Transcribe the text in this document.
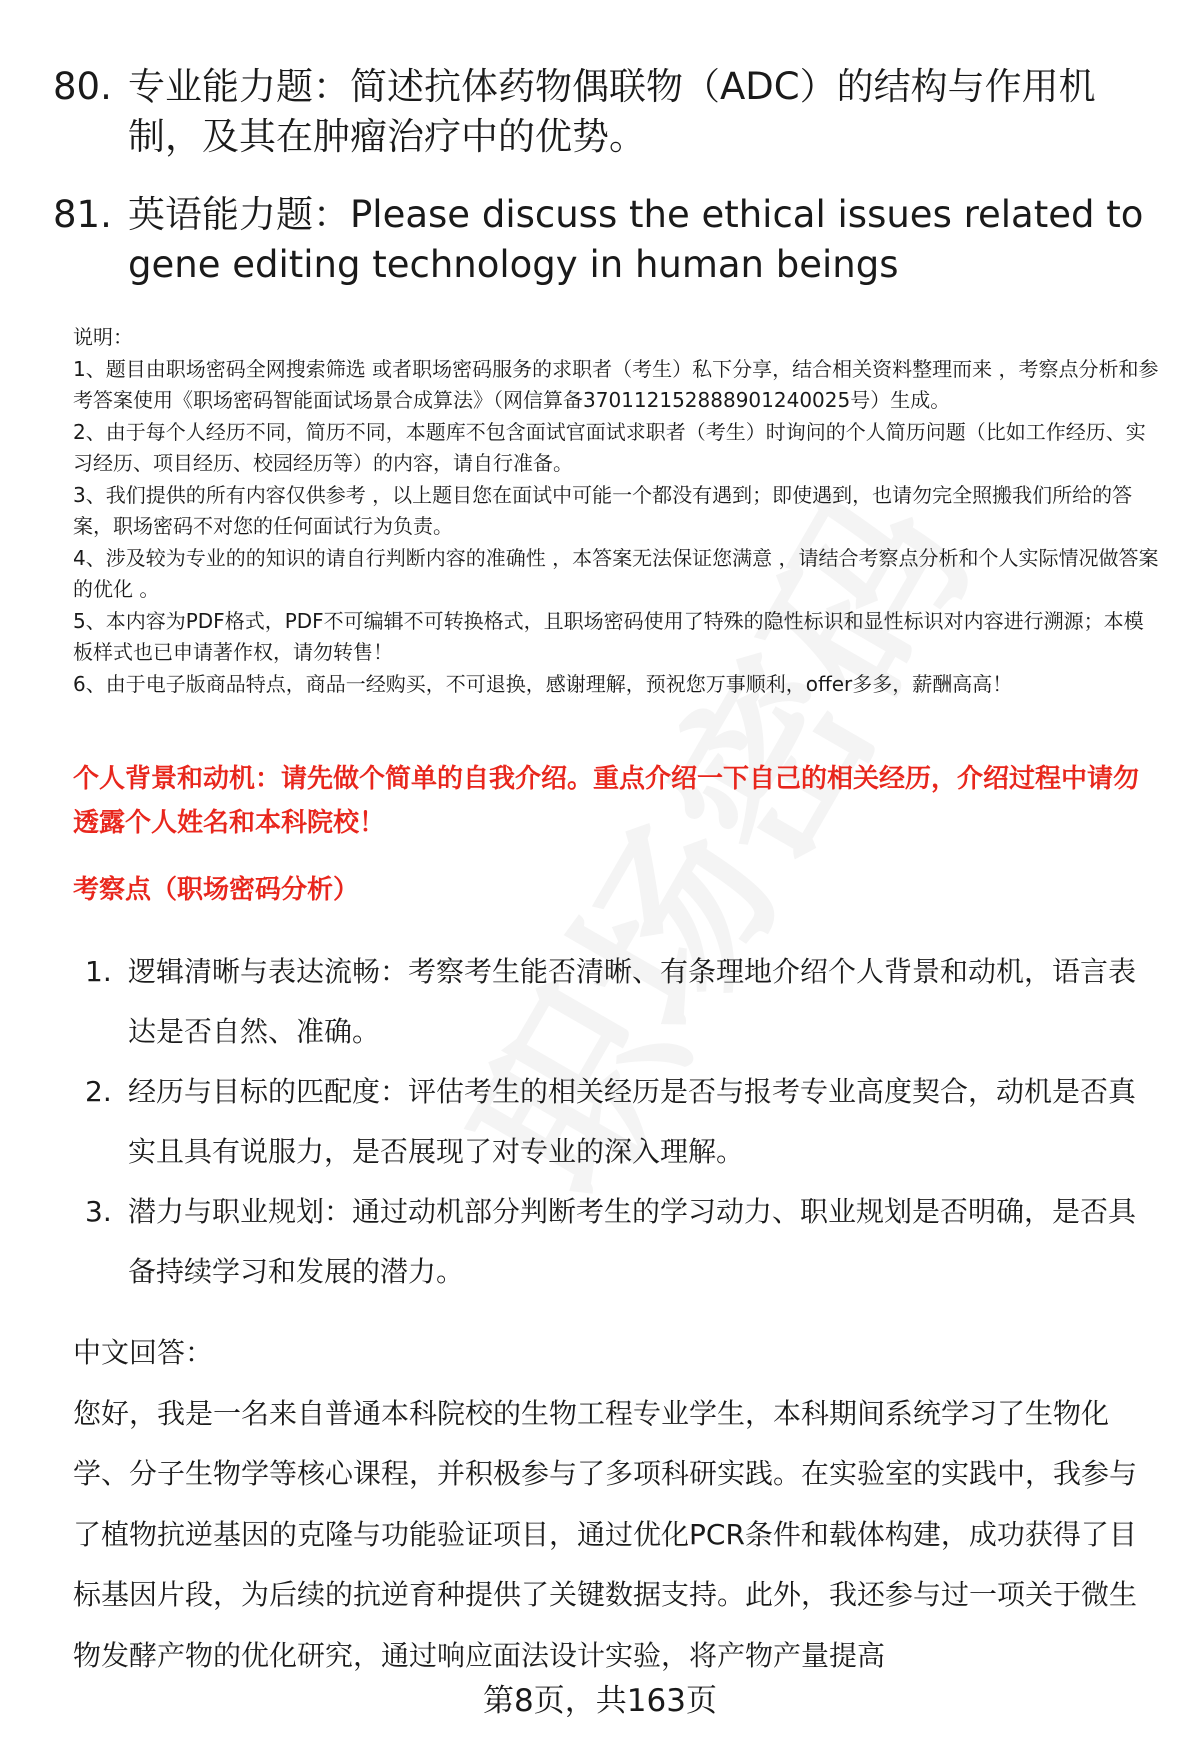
80. 专业能力题：简述抗体药物偶联物（ADC）的结构与作用机制，及其在肿瘤治疗中的优势。
81. 英语能力题：Please discuss the ethical issues related to gene editing technology in human beings
说明：
1、题目由职场密码全网搜索筛选 或者职场密码服务的求职者（考生）私下分享，结合相关资料整理而来 ，考察点分析和参考答案使用《职场密码智能面试场景合成算法》（网信算备370112152888901240025号）生成。
2、由于每个人经历不同，简历不同，本题库不包含面试官面试求职者（考生）时询问的个人简历问题（比如工作经历、实习经历、项目经历、校园经历等）的内容，请自行准备。
3、我们提供的所有内容仅供参考 ，以上题目您在面试中可能一个都没有遇到；即使遇到，也请勿完全照搬我们所给的答案，职场密码不对您的任何面试行为负责。
4、涉及较为专业的的知识的请自行判断内容的准确性 ，本答案无法保证您满意 ，请结合考察点分析和个人实际情况做答案的优化 。
5、本内容为PDF格式，PDF不可编辑不可转换格式，且职场密码使用了特殊的隐性标识和显性标识对内容进行溯源；本模板样式也已申请著作权，请勿转售！
6、由于电子版商品特点，商品一经购买，不可退换，感谢理解，预祝您万事顺利，offer多多，薪酬高高！
个人背景和动机：请先做个简单的自我介绍。重点介绍一下自己的相关经历，介绍过程中请勿透露个人姓名和本科院校！
考察点（职场密码分析）
1. 逻辑清晰与表达流畅：考察考生能否清晰、有条理地介绍个人背景和动机，语言表达是否自然、准确。
2. 经历与目标的匹配度：评估考生的相关经历是否与报考专业高度契合，动机是否真实且具有说服力，是否展现了对专业的深入理解。
3. 潜力与职业规划：通过动机部分判断考生的学习动力、职业规划是否明确，是否具备持续学习和发展的潜力。
中文回答：
您好，我是一名来自普通本科院校的生物工程专业学生，本科期间系统学习了生物化学、分子生物学等核心课程，并积极参与了多项科研实践。在实验室的实践中，我参与了植物抗逆基因的克隆与功能验证项目，通过优化PCR条件和载体构建，成功获得了目标基因片段，为后续的抗逆育种提供了关键数据支持。此外，我还参与过一项关于微生物发酵产物的优化研究，通过响应面法设计实验，将产物产量提高
第8页，共163页
